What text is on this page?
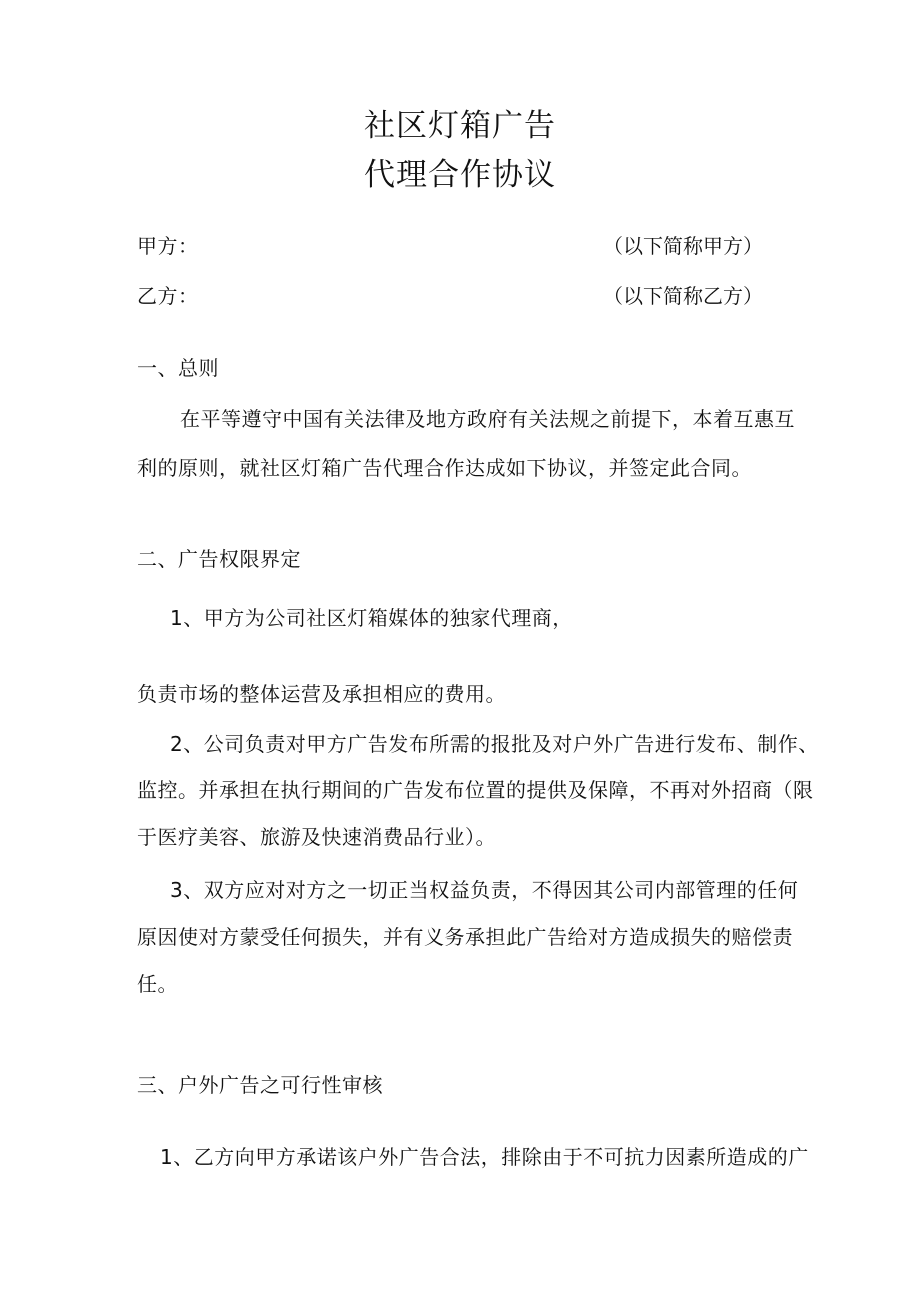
社区灯箱广告
代理合作协议
甲方：	（以下简称甲方）
乙方：	（以下简称乙方）
一、总则
在平等遵守中国有关法律及地方政府有关法规之前提下，本着互惠互
利的原则，就社区灯箱广告代理合作达成如下协议，并签定此合同。
二、广告权限界定
1、甲方为公司社区灯箱媒体的独家代理商，
负责市场的整体运营及承担相应的费用。
2、公司负责对甲方广告发布所需的报批及对户外广告进行发布、制作、
监控。并承担在执行期间的广告发布位置的提供及保障，不再对外招商（限
于医疗美容、旅游及快速消费品行业）。
3、双方应对对方之一切正当权益负责，不得因其公司内部管理的任何
原因使对方蒙受任何损失，并有义务承担此广告给对方造成损失的赔偿责
任。
三、户外广告之可行性审核
1、乙方向甲方承诺该户外广告合法，排除由于不可抗力因素所造成的广
